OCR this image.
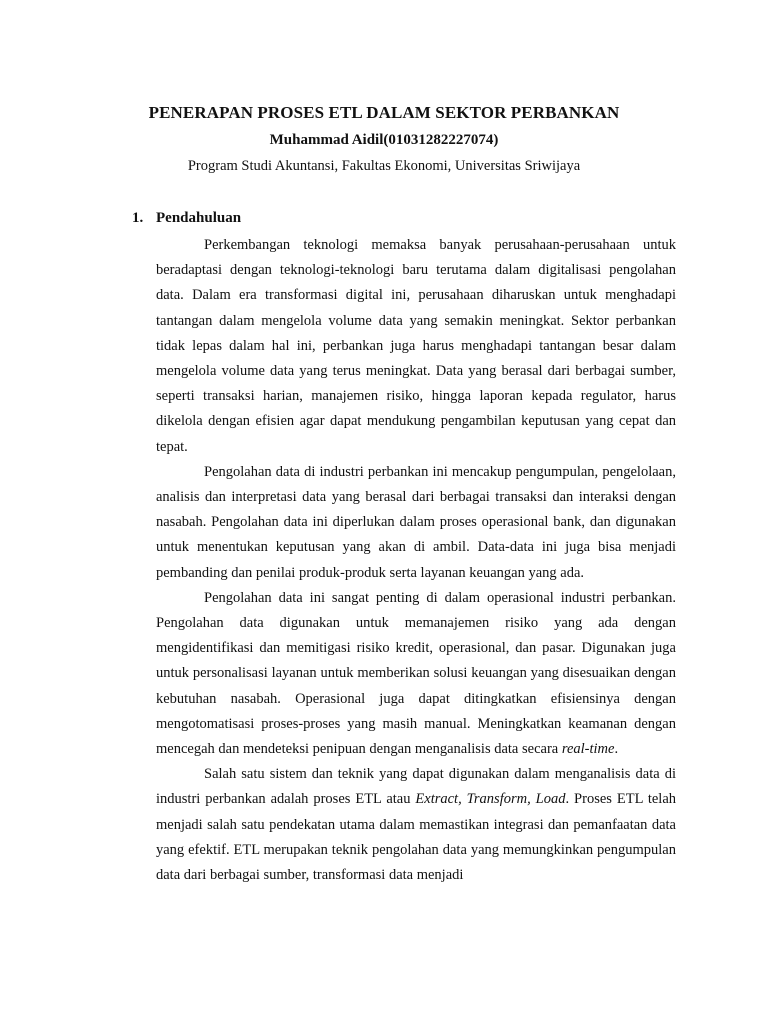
PENERAPAN PROSES ETL DALAM SEKTOR PERBANKAN
Muhammad Aidil(01031282227074)
Program Studi Akuntansi, Fakultas Ekonomi, Universitas Sriwijaya
1. Pendahuluan

Perkembangan teknologi memaksa banyak perusahaan-perusahaan untuk beradaptasi dengan teknologi-teknologi baru terutama dalam digitalisasi pengolahan data. Dalam era transformasi digital ini, perusahaan diharuskan untuk menghadapi tantangan dalam mengelola volume data yang semakin meningkat. Sektor perbankan tidak lepas dalam hal ini, perbankan juga harus menghadapi tantangan besar dalam mengelola volume data yang terus meningkat. Data yang berasal dari berbagai sumber, seperti transaksi harian, manajemen risiko, hingga laporan kepada regulator, harus dikelola dengan efisien agar dapat mendukung pengambilan keputusan yang cepat dan tepat.

Pengolahan data di industri perbankan ini mencakup pengumpulan, pengelolaan, analisis dan interpretasi data yang berasal dari berbagai transaksi dan interaksi dengan nasabah. Pengolahan data ini diperlukan dalam proses operasional bank, dan digunakan untuk menentukan keputusan yang akan di ambil. Data-data ini juga bisa menjadi pembanding dan penilai produk-produk serta layanan keuangan yang ada.

Pengolahan data ini sangat penting di dalam operasional industri perbankan. Pengolahan data digunakan untuk memanajemen risiko yang ada dengan mengidentifikasi dan memitigasi risiko kredit, operasional, dan pasar. Digunakan juga untuk personalisasi layanan untuk memberikan solusi keuangan yang disesuaikan dengan kebutuhan nasabah. Operasional juga dapat ditingkatkan efisiensinya dengan mengotomatisasi proses-proses yang masih manual. Meningkatkan keamanan dengan mencegah dan mendeteksi penipuan dengan menganalisis data secara real-time.

Salah satu sistem dan teknik yang dapat digunakan dalam menganalisis data di industri perbankan adalah proses ETL atau Extract, Transform, Load. Proses ETL telah menjadi salah satu pendekatan utama dalam memastikan integrasi dan pemanfaatan data yang efektif. ETL merupakan teknik pengolahan data yang memungkinkan pengumpulan data dari berbagai sumber, transformasi data menjadi
